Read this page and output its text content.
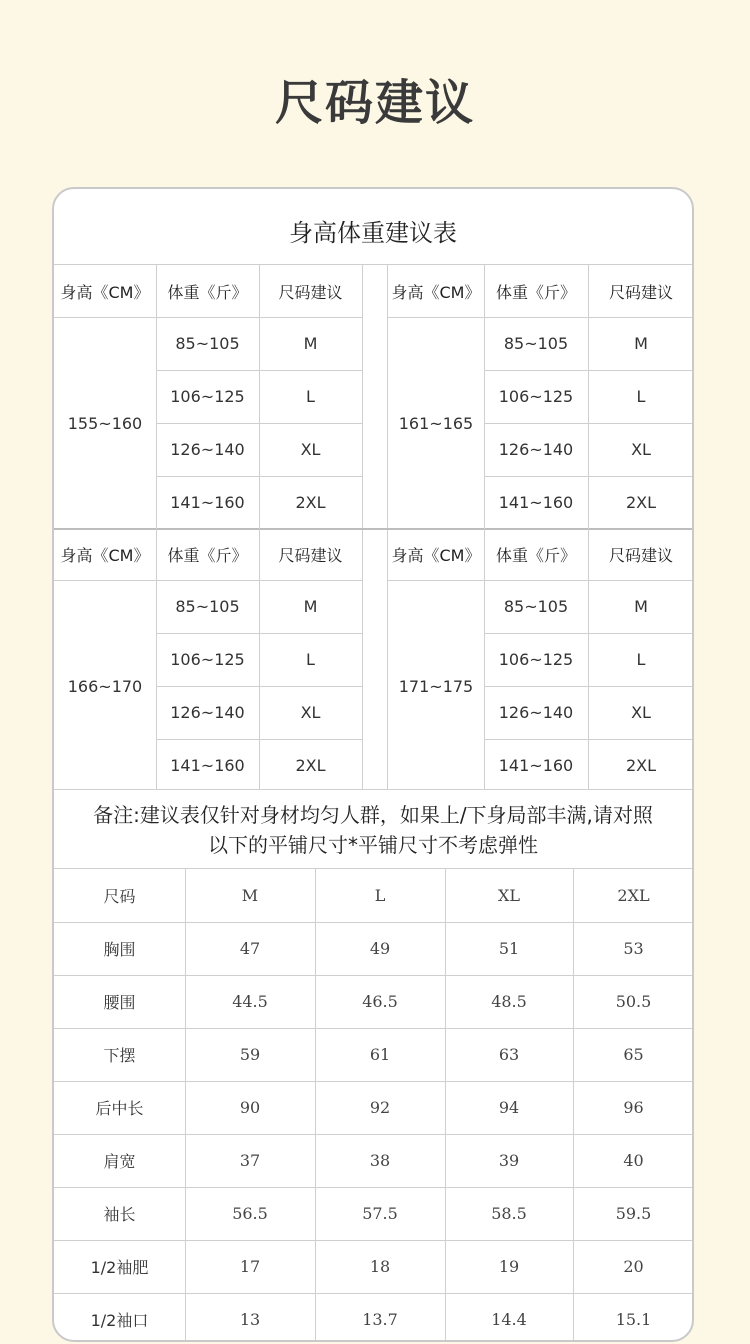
尺码建议
身高体重建议表
备注:建议表仅针对身材均匀人群，如果上/下身局部丰满,请对照
以下的平铺尺寸*平铺尺寸不考虑弹性
身高《CM》	体重《斤》	尺码建议
155~160
85~105	M
106~125	L
126~140	XL
141~160	2XL
身高《CM》 体重《斤》	尺码建议
161~165
85~105	M
106~125	L
126~140	XL
141~160	2XL
身高《CM》	体重《斤》	尺码建议
166~170
85~105	M
106~125	L
126~140	XL
141~160	2XL
身高《CM》 体重《斤》	尺码建议
171~175
85~105	M
106~125	L
126~140	XL
141~160	2XL
尺码	M	L	XL	2XL
胸围	47	49	51	53
腰围	44.5	46.5	48.5	50.5
下摆	59	61	63	65
后中长	90	92	94	96
肩宽	37	38	39	40
袖长	56.5	57.5	58.5	59.5
1/2袖肥	17	18	19	20
1/2袖口	13	13.7	14.4	15.1
